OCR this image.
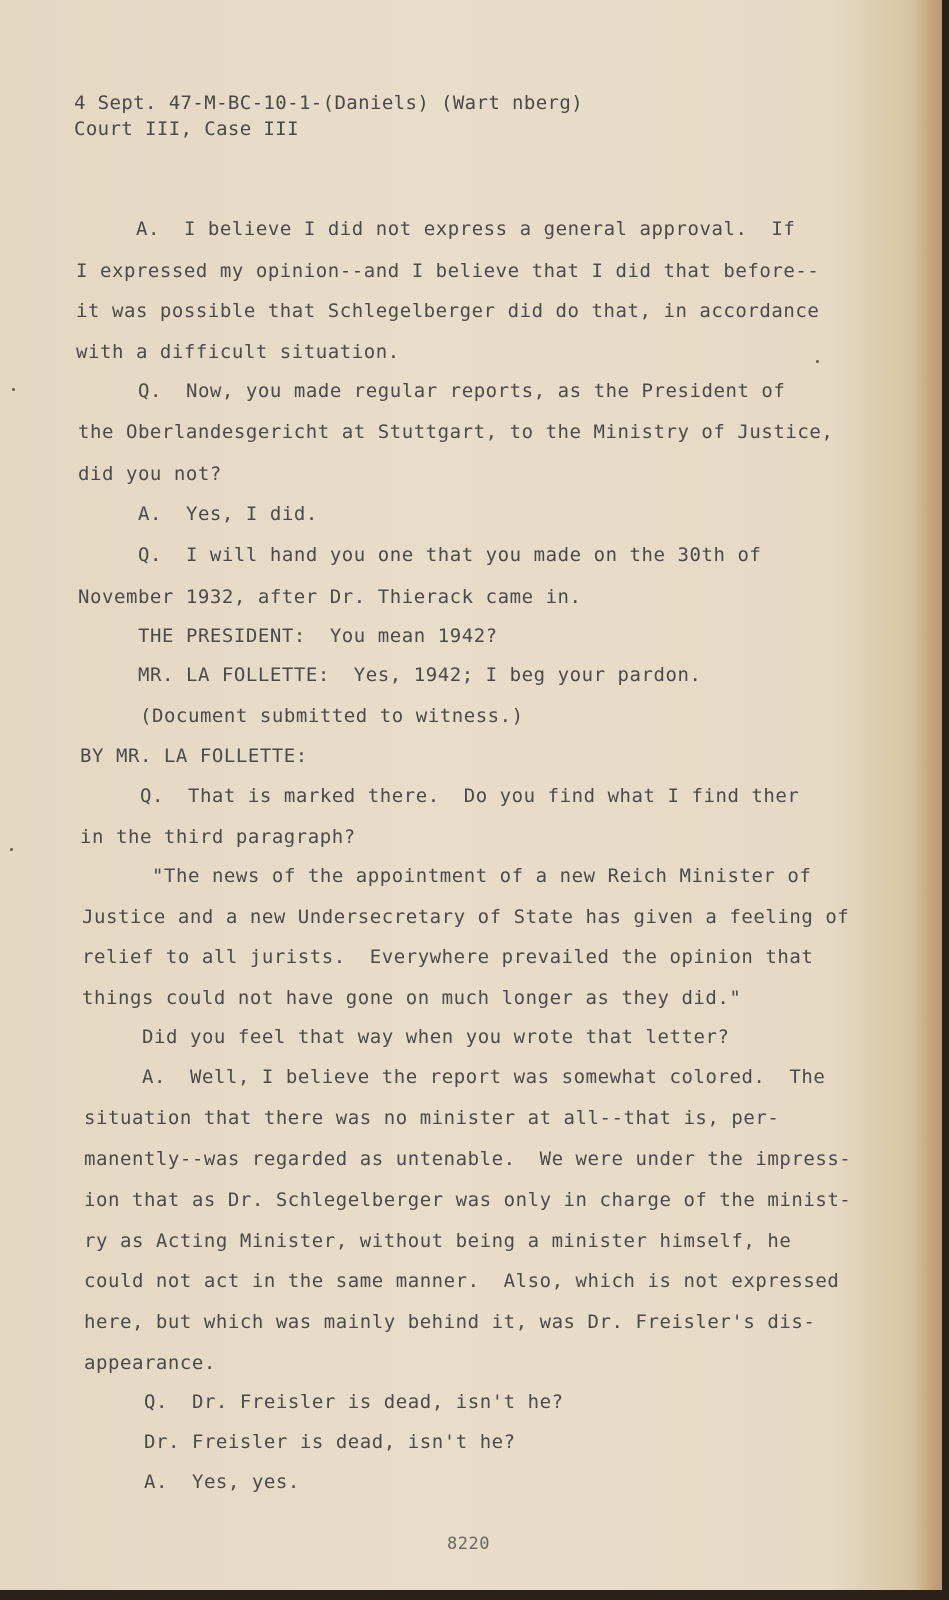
4 Sept. 47-M-BC-10-1-(Daniels) (Wart nberg)
Court III, Case III
A.  I believe I did not express a general approval.  If
I expressed my opinion--and I believe that I did that before--
it was possible that Schlegelberger did do that, in accordance
with a difficult situation.
Q.  Now, you made regular reports, as the President of
the Oberlandesgericht at Stuttgart, to the Ministry of Justice,
did you not?
A.  Yes, I did.
Q.  I will hand you one that you made on the 30th of
November 1932, after Dr. Thierack came in.
THE PRESIDENT:  You mean 1942?
MR. LA FOLLETTE:  Yes, 1942; I beg your pardon.
(Document submitted to witness.)
BY MR. LA FOLLETTE:
Q.  That is marked there.  Do you find what I find ther
in the third paragraph?
"The news of the appointment of a new Reich Minister of
Justice and a new Undersecretary of State has given a feeling of
relief to all jurists.  Everywhere prevailed the opinion that
things could not have gone on much longer as they did."
Did you feel that way when you wrote that letter?
A.  Well, I believe the report was somewhat colored.  The
situation that there was no minister at all--that is, per-
manently--was regarded as untenable.  We were under the impress-
ion that as Dr. Schlegelberger was only in charge of the minist-
ry as Acting Minister, without being a minister himself, he
could not act in the same manner.  Also, which is not expressed
here, but which was mainly behind it, was Dr. Freisler's dis-
appearance.
Q.  Dr. Freisler is dead, isn't he?
Dr. Freisler is dead, isn't he?
A.  Yes, yes.
8220
